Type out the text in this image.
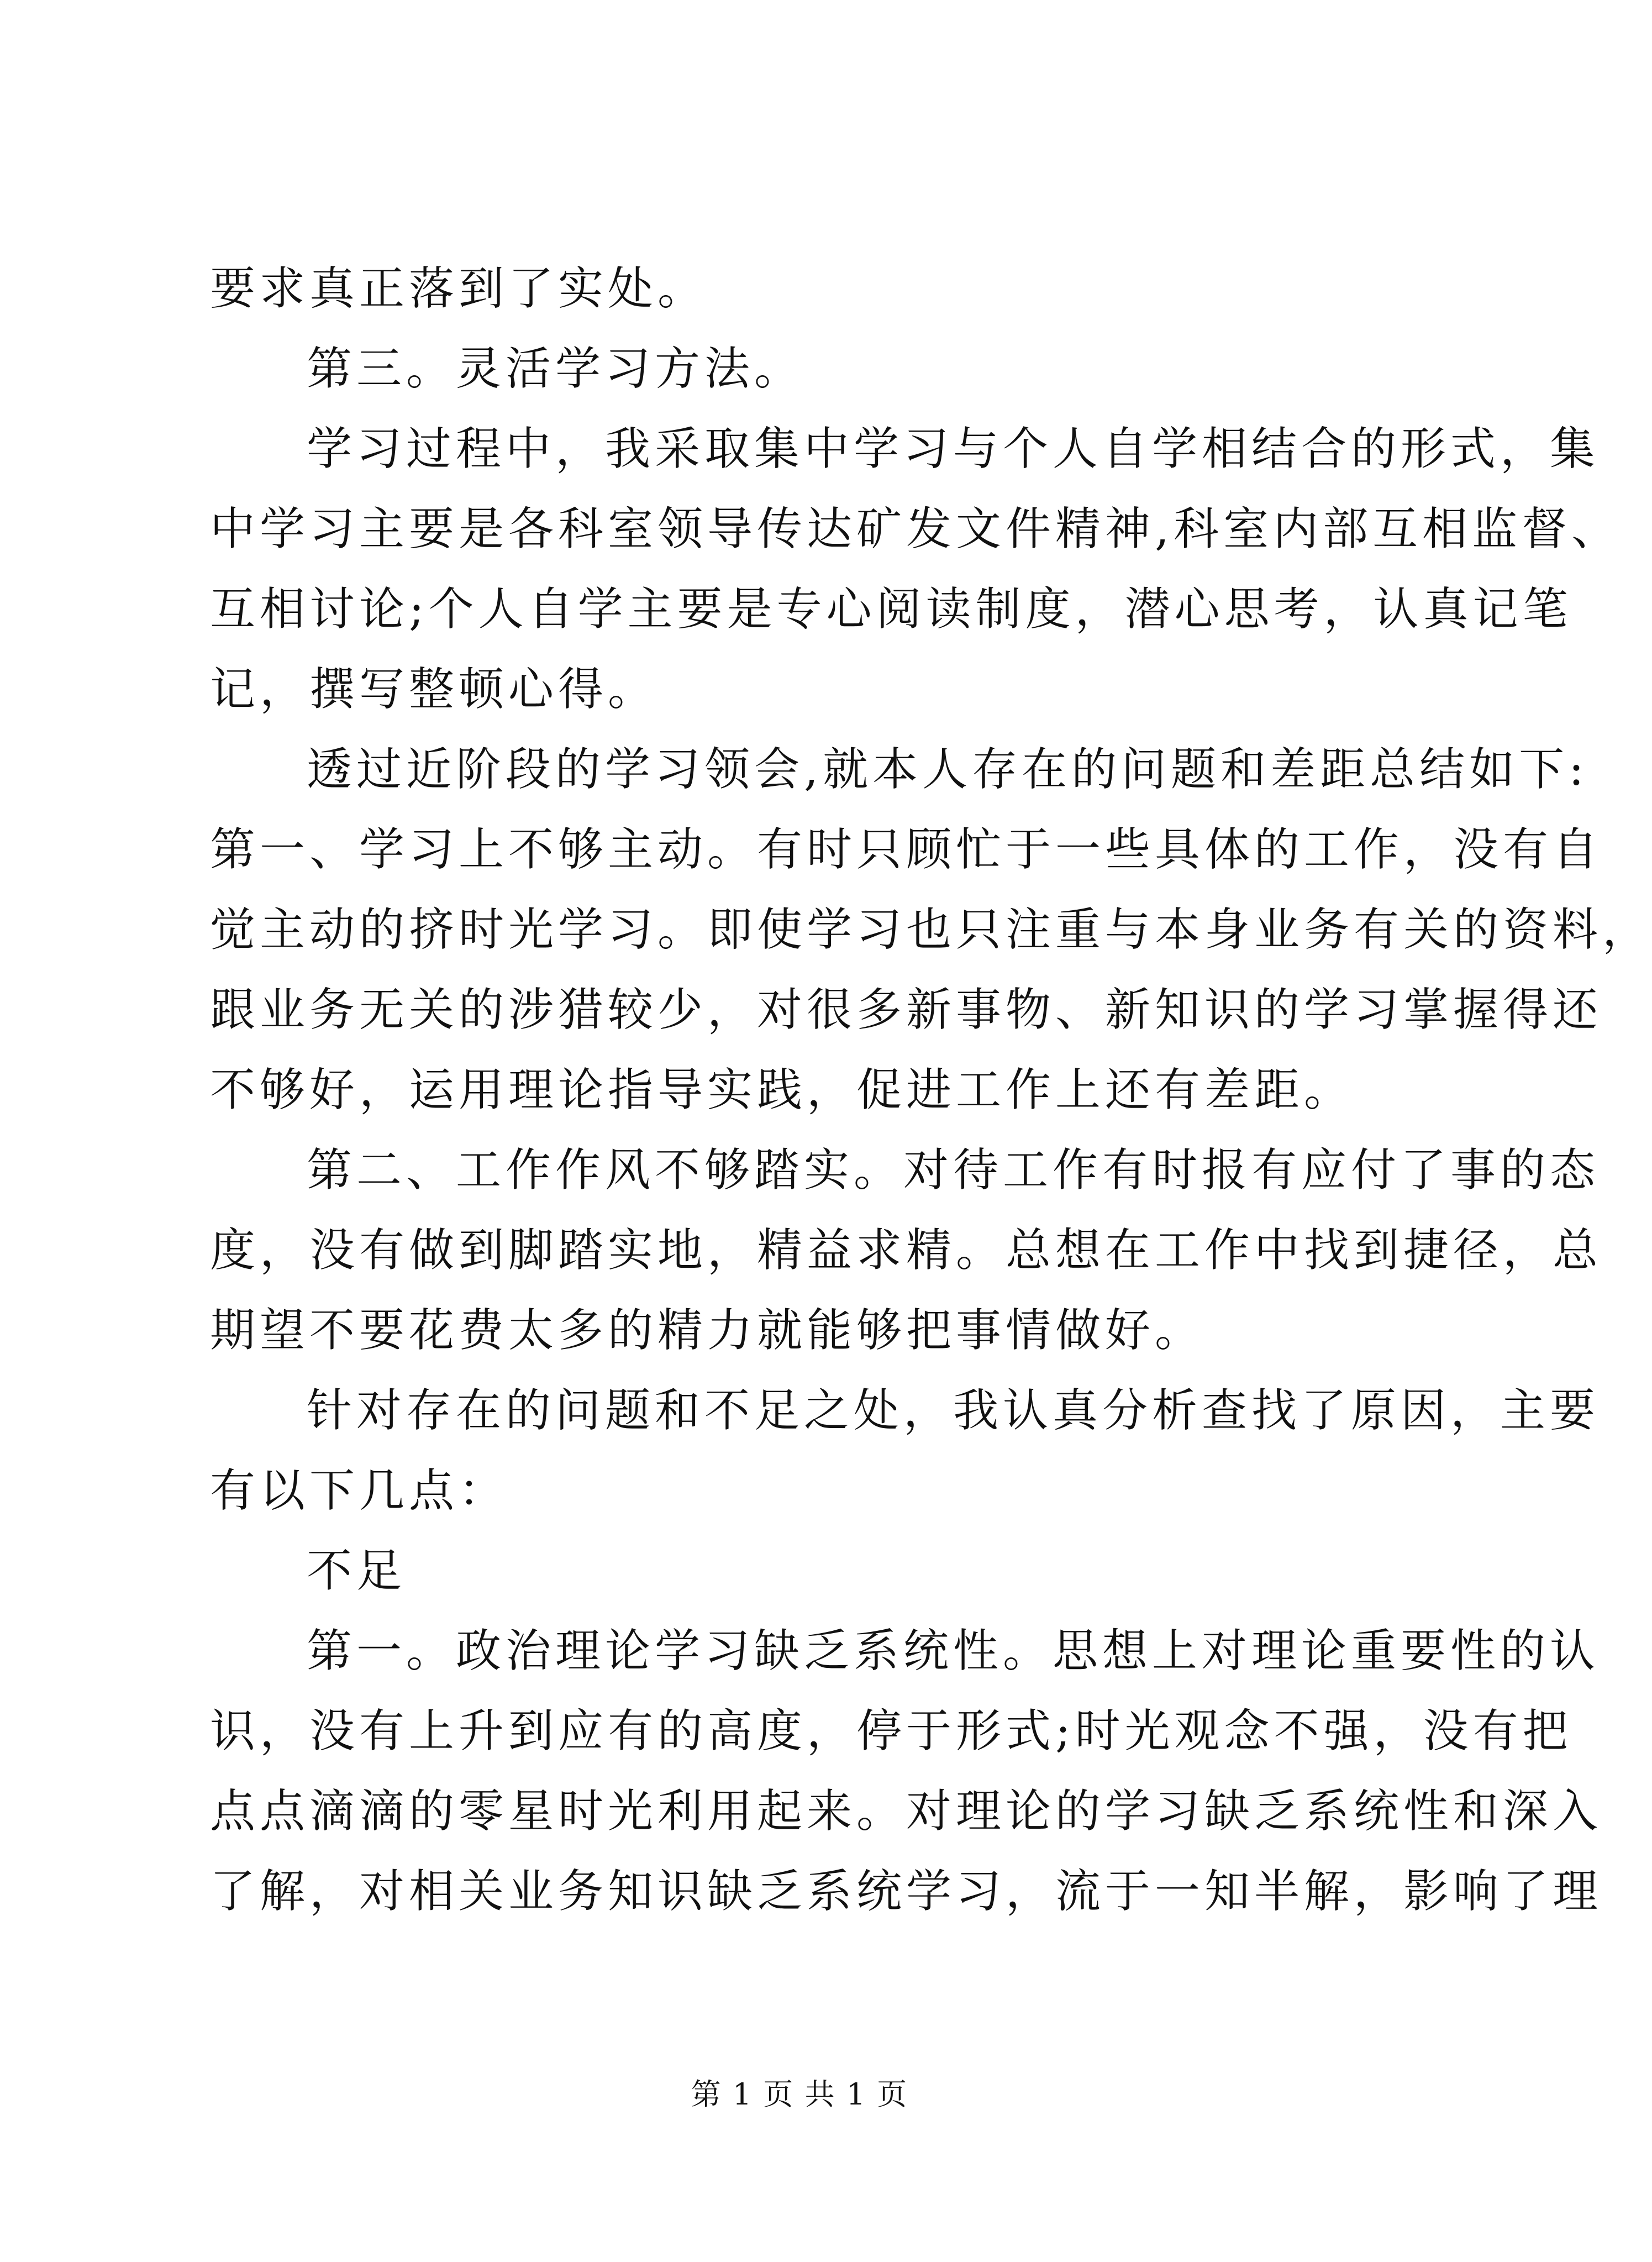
要求真正落到了实处。
第三。灵活学习方法。
学习过程中，我采取集中学习与个人自学相结合的形式，集
中学习主要是各科室领导传达矿发文件精神,科室内部互相监督、
互相讨论;个人自学主要是专心阅读制度，潜心思考，认真记笔
记，撰写整顿心得。
透过近阶段的学习领会,就本人存在的问题和差距总结如下:
第一、学习上不够主动。有时只顾忙于一些具体的工作，没有自
觉主动的挤时光学习。即使学习也只注重与本身业务有关的资料，
跟业务无关的涉猎较少，对很多新事物、新知识的学习掌握得还
不够好，运用理论指导实践，促进工作上还有差距。
第二、工作作风不够踏实。对待工作有时报有应付了事的态
度，没有做到脚踏实地，精益求精。总想在工作中找到捷径，总
期望不要花费太多的精力就能够把事情做好。
针对存在的问题和不足之处，我认真分析查找了原因，主要
有以下几点：
不足
第一。政治理论学习缺乏系统性。思想上对理论重要性的认
识，没有上升到应有的高度，停于形式;时光观念不强，没有把
点点滴滴的零星时光利用起来。对理论的学习缺乏系统性和深入
了解，对相关业务知识缺乏系统学习，流于一知半解，影响了理
第 1 页 共 1 页
